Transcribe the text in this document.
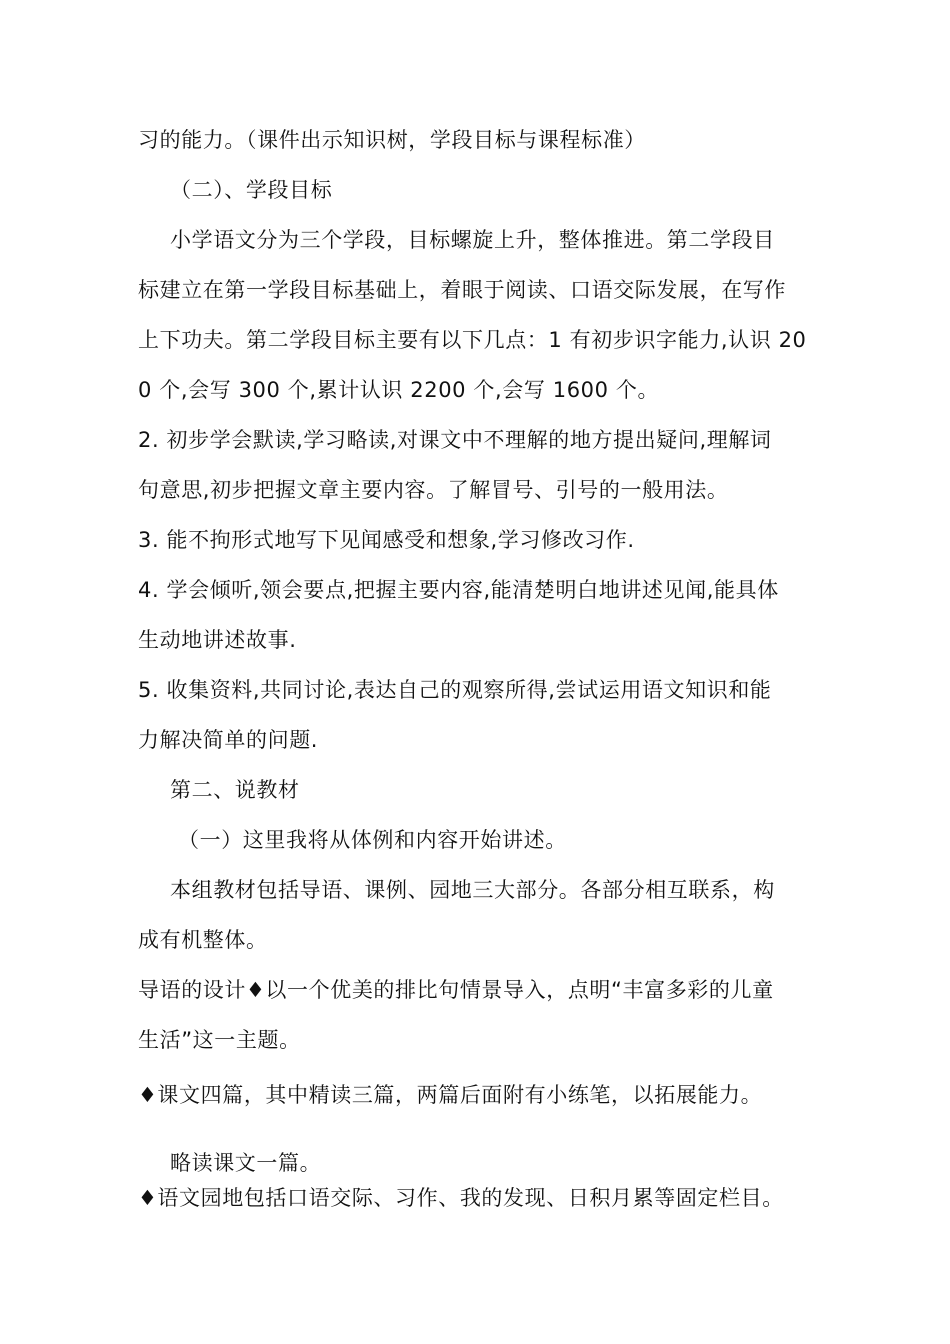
习的能力。（课件出示知识树，学段目标与课程标准）
（二）、学段目标
小学语文分为三个学段，目标螺旋上升，整体推进。第二学段目
标建立在第一学段目标基础上，着眼于阅读、口语交际发展，在写作
上下功夫。第二学段目标主要有以下几点：1 有初步识字能力,认识 20
0 个,会写 300 个,累计认识 2200 个,会写 1600 个。
2. 初步学会默读,学习略读,对课文中不理解的地方提出疑问,理解词
句意思,初步把握文章主要内容。了解冒号、引号的一般用法。
3. 能不拘形式地写下见闻感受和想象,学习修改习作.
4. 学会倾听,领会要点,把握主要内容,能清楚明白地讲述见闻,能具体
生动地讲述故事.
5. 收集资料,共同讨论,表达自己的观察所得,尝试运用语文知识和能
力解决简单的问题.
第二、说教材
（一）这里我将从体例和内容开始讲述。
本组教材包括导语、课例、园地三大部分。各部分相互联系，构
成有机整体。
导语的设计♦以一个优美的排比句情景导入，点明“丰富多彩的儿童
生活”这一主题。
♦课文四篇，其中精读三篇，两篇后面附有小练笔，以拓展能力。
略读课文一篇。
♦语文园地包括口语交际、习作、我的发现、日积月累等固定栏目。
